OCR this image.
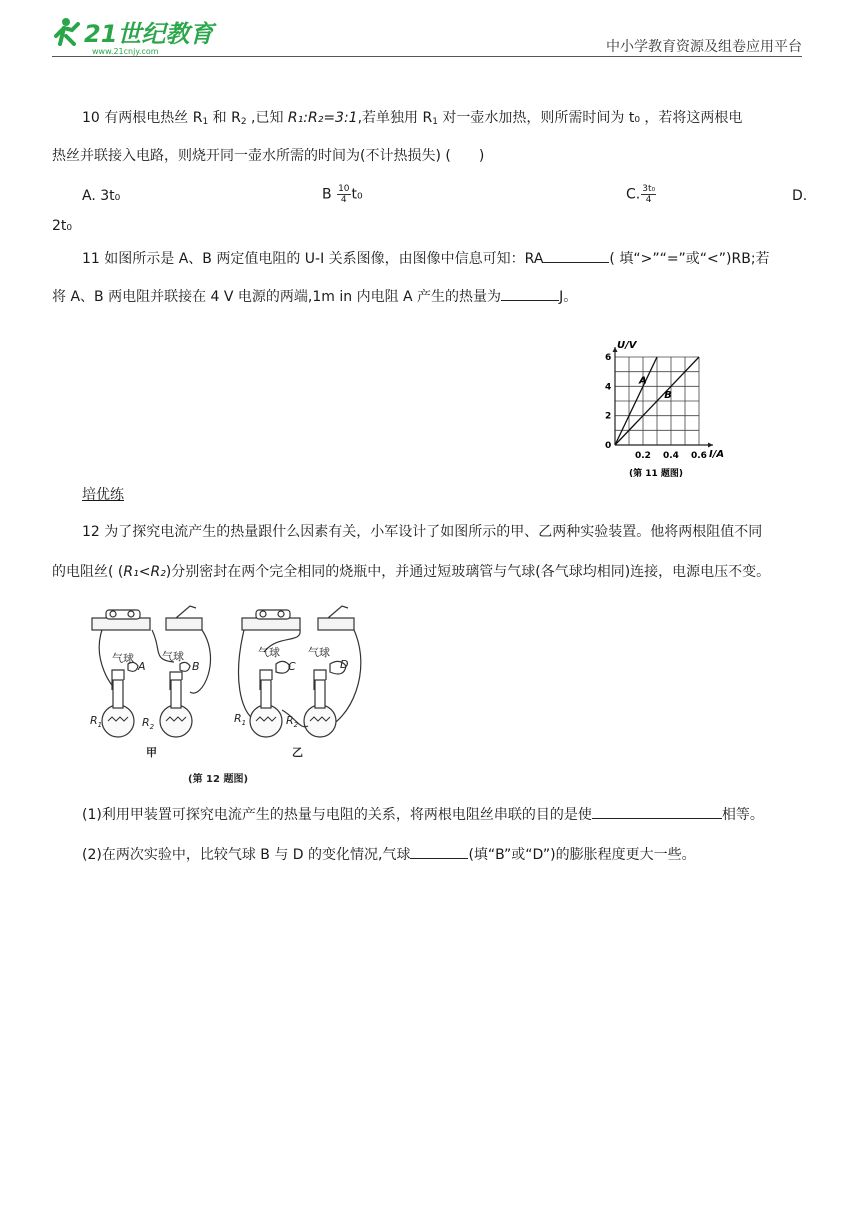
21世纪教育
www.21cnjy.com	中小学教育资源及组卷应用平台
10 有两根电热丝 $R_1$ 和 $R_2$ ,已知 R₁:R₂=3:1,若单独用 $R_1$ 对一壶水加热，则所需时间为 t₀ ，若将这两根电
热丝并联接入电路，则烧开同一壶水所需的时间为(不计热损失) (　　)
A. 3t₀	B $\frac{10}{4} t_0$	C. $\frac{\text{3t₀}}{4}$	D.
2t₀
11 如图所示是 A、B 两定值电阻的 U-I 关系图像，由图像中信息可知：RA	( 填“>”“=”或“<”)RB;若
将 A、B 两电阻并联接在 4 V 电源的两端,1m in 内电阻 A 产生的热量为	J。
A
B
0
2
4
6
0.2 0.4 0.6
U/V
I/A
(第 11 题图)
培优练
12 为了探究电流产生的热量跟什么因素有关，小军设计了如图所示的甲、乙两种实验装置。他将两根阻值不同
的电阻丝( (R₁<R₂)分别密封在两个完全相同的烧瓶中，并通过短玻璃管与气球(各气球均相同)连接，电源电压不变。
气球	气球	气球	气球
A	B	C	D
$R_1$	$R_2$
$R_1$	$R_2$
甲	乙
(第 12 题图)
(1)利用甲装置可探究电流产生的热量与电阻的关系，将两根电阻丝串联的目的是使	相等。
(2)在两次实验中，比较气球 B 与 D 的变化情况,气球	(填“B”或“D”)的膨胀程度更大一些。
